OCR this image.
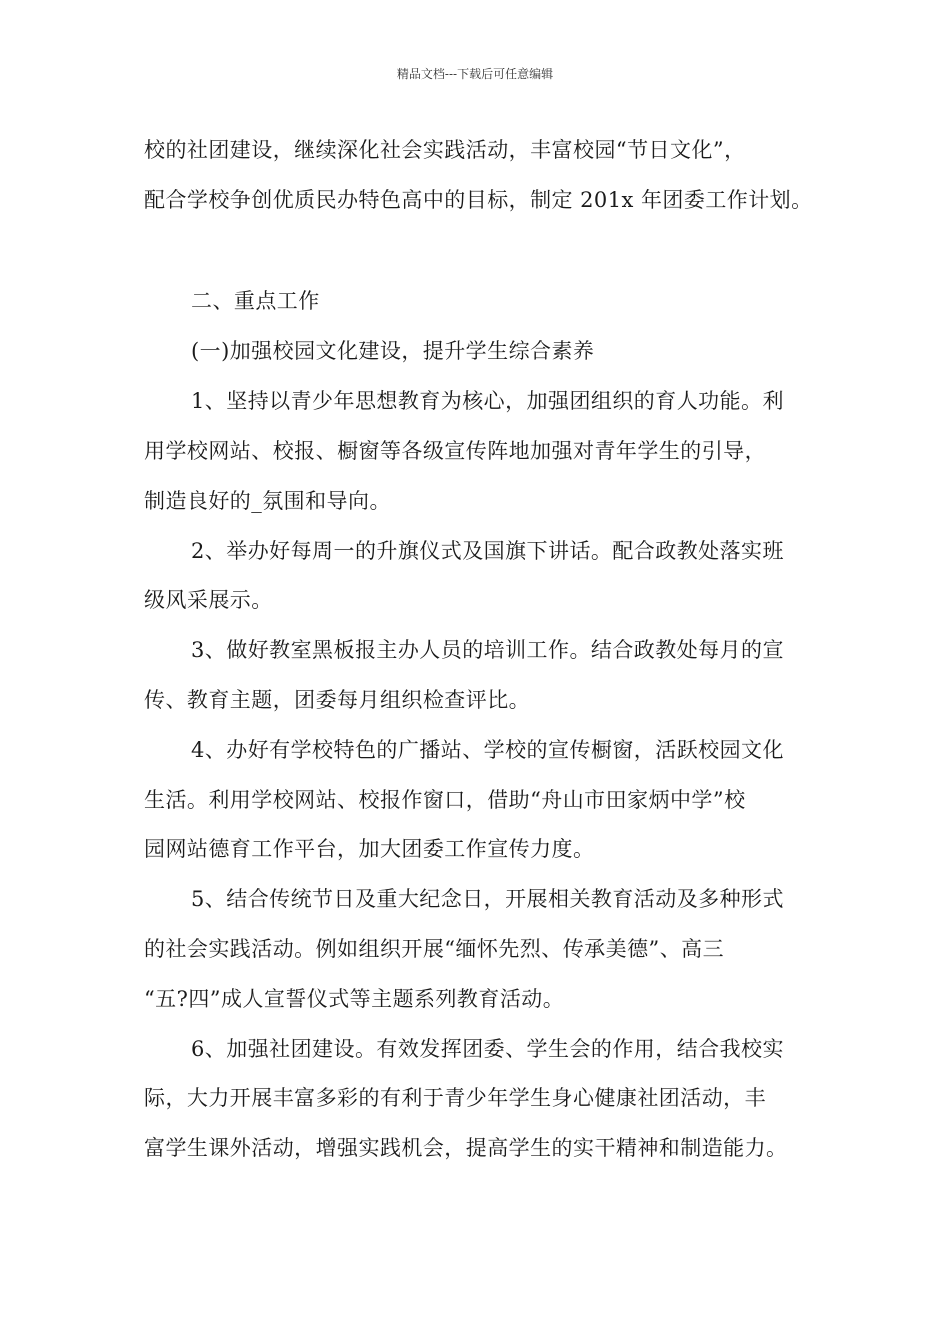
精品文档---下载后可任意编辑
校的社团建设，继续深化社会实践活动，丰富校园“节日文化”，
配合学校争创优质民办特色高中的目标，制定 201x 年团委工作计划。
二、重点工作
(一)加强校园文化建设，提升学生综合素养
1、坚持以青少年思想教育为核心，加强团组织的育人功能。利
用学校网站、校报、橱窗等各级宣传阵地加强对青年学生的引导，
制造良好的_氛围和导向。
2、举办好每周一的升旗仪式及国旗下讲话。配合政教处落实班
级风采展示。
3、做好教室黑板报主办人员的培训工作。结合政教处每月的宣
传、教育主题，团委每月组织检查评比。
4、办好有学校特色的广播站、学校的宣传橱窗，活跃校园文化
生活。利用学校网站、校报作窗口，借助“舟山市田家炳中学”校
园网站德育工作平台，加大团委工作宣传力度。
5、结合传统节日及重大纪念日，开展相关教育活动及多种形式
的社会实践活动。例如组织开展“缅怀先烈、传承美德”、高三
“五?四”成人宣誓仪式等主题系列教育活动。
6、加强社团建设。有效发挥团委、学生会的作用，结合我校实
际，大力开展丰富多彩的有利于青少年学生身心健康社团活动，丰
富学生课外活动，增强实践机会，提高学生的实干精神和制造能力。
